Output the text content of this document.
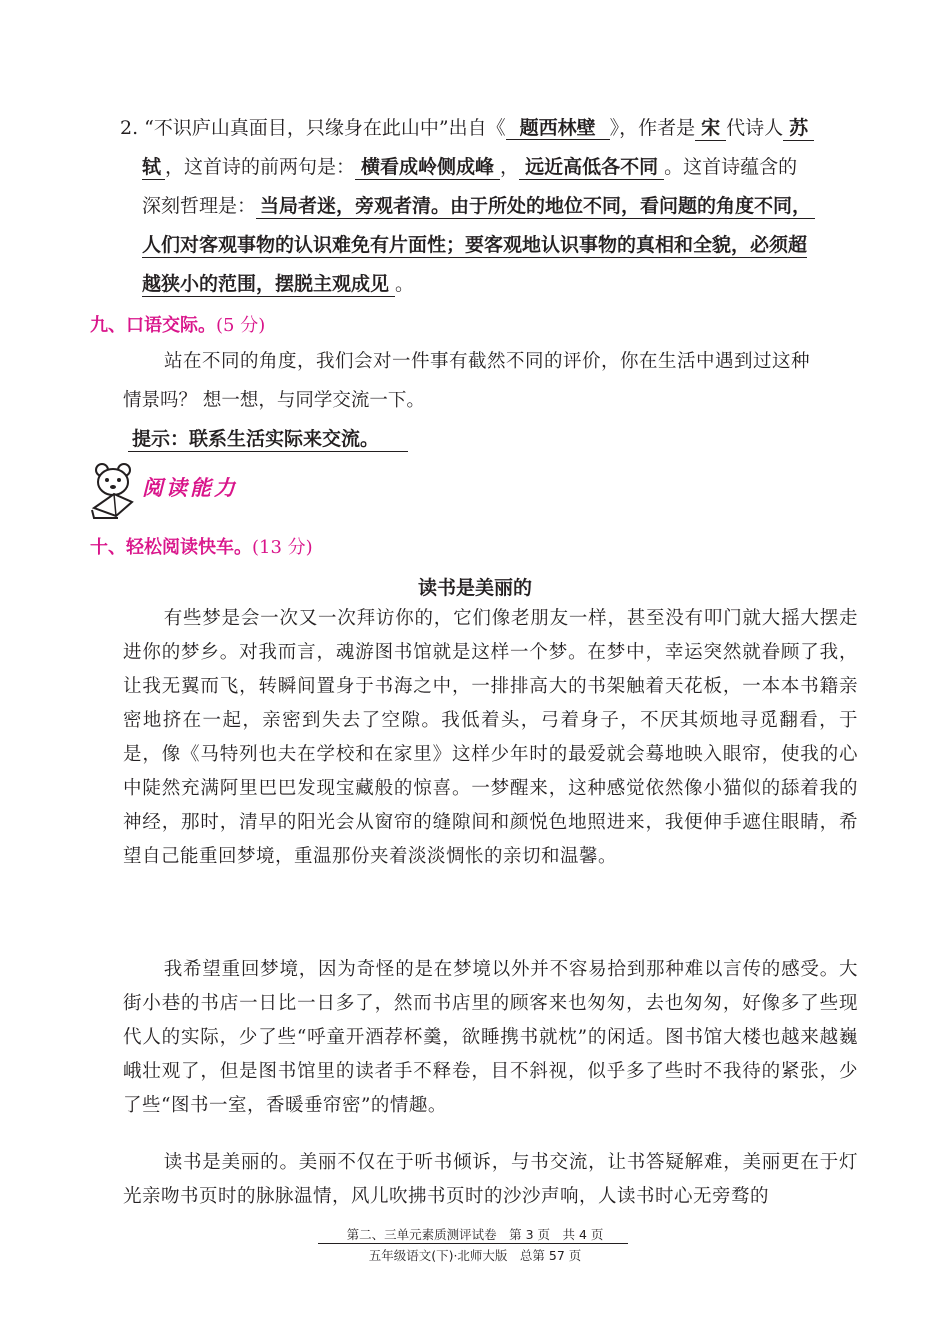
2. “不识庐山真面目，只缘身在此山中”出自《 题西林壁 》，作者是 宋 代诗人 苏
轼 ，这首诗的前两句是： 横看成岭侧成峰 ， 远近高低各不同 。这首诗蕴含的
深刻哲理是： 当局者迷，旁观者清。由于所处的地位不同，看问题的角度不同，
人们对客观事物的认识难免有片面性；要客观地认识事物的真相和全貌，必须超
越狭小的范围，摆脱主观成见 。
九、口语交际。(5 分)
站在不同的角度，我们会对一件事有截然不同的评价，你在生活中遇到过这种
情景吗？ 想一想，与同学交流一下。
提示：联系生活实际来交流。
阅读能力
十、轻松阅读快车。(13 分)
读书是美丽的

有些梦是会一次又一次拜访你的，它们像老朋友一样，甚至没有叩门就大摇大摆走进你的梦乡。对我而言，魂游图书馆就是这样一个梦。在梦中，幸运突然就眷顾了我，让我无翼而飞，转瞬间置身于书海之中，一排排高大的书架触着天花板，一本本书籍亲密地挤在一起，亲密到失去了空隙。我低着头，弓着身子，不厌其烦地寻觅翻看，于是，像《马特列也夫在学校和在家里》这样少年时的最爱就会蓦地映入眼帘，使我的心中陡然充满阿里巴巴发现宝藏般的惊喜。一梦醒来，这种感觉依然像小猫似的舔着我的神经，那时，清早的阳光会从窗帘的缝隙间和颜悦色地照进来，我便伸手遮住眼睛，希望自己能重回梦境，重温那份夹着淡淡惆怅的亲切和温馨。

我希望重回梦境，因为奇怪的是在梦境以外并不容易拾到那种难以言传的感受。大街小巷的书店一日比一日多了，然而书店里的顾客来也匆匆，去也匆匆，好像多了些现代人的实际，少了些“呼童开酒荐杯羹，欲睡携书就枕”的闲适。图书馆大楼也越来越巍峨壮观了，但是图书馆里的读者手不释卷，目不斜视，似乎多了些时不我待的紧张，少了些“图书一室，香暖垂帘密”的情趣。

读书是美丽的。美丽不仅在于听书倾诉，与书交流，让书答疑解难，美丽更在于灯光亲吻书页时的脉脉温情，风儿吹拂书页时的沙沙声响，人读书时心无旁骛的

第二、三单元素质测评试卷　第 3 页　共 4 页
五年级语文(下)·北师大版　总第 57 页
